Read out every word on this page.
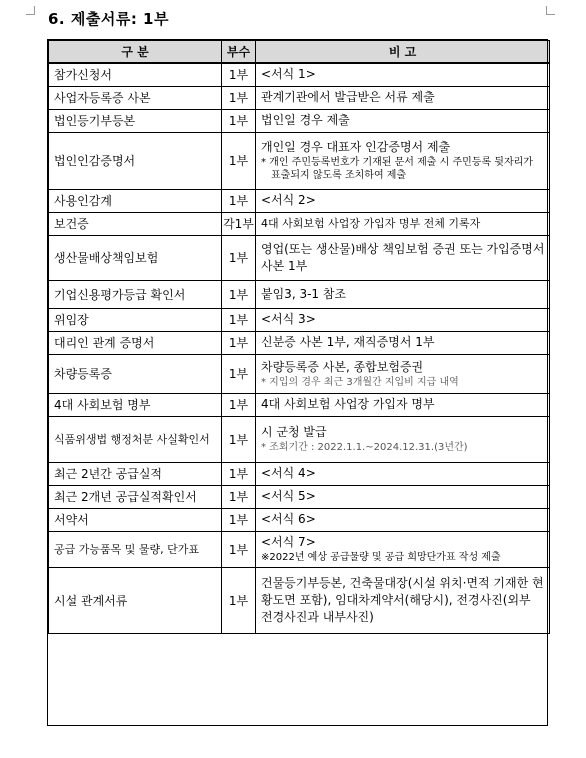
6. 제출서류: 1부
구 분	부수	비 고
참가신청서	1부	<서식 1>

사업자등록증 사본	1부	관계기관에서 발급받은 서류 제출

법인등기부등본	1부	법인일 경우 제출

법인인감증명서	1부	개인일 경우 대표자 인감증명서 제출
* 개인 주민등록번호가 기재된 문서 제출 시 주민등록 뒷자리가
표출되지 않도록 조치하여 제출

사용인감계	1부	<서식 2>

보건증	각1부	4대 사회보험 사업장 가입자 명부 전체 기록자

생산물배상책임보험	1부	영업(또는 생산물)배상 책임보험 증권 또는 가입증명서 사본 1부

기업신용평가등급 확인서	1부	붙임3, 3-1 참조

위임장	1부	<서식 3>

대리인 관계 증명서	1부	신분증 사본 1부, 재직증명서 1부

차량등록증	1부	차량등록증 사본, 종합보험증권
* 지입의 경우 최근 3개월간 지입비 지급 내역

4대 사회보험 명부	1부	4대 사회보험 사업장 가입자 명부

식품위생법 행정처분 사실확인서	1부	시 군청 발급
* 조회기간 : 2022.1.1.~2024.12.31.(3년간)

최근 2년간 공급실적	1부	<서식 4>

최근 2개년 공급실적확인서	1부	<서식 5>

서약서	1부	<서식 6>

공급 가능품목 및 물량, 단가표	1부	<서식 7>
※2022년 예상 공급물량 및 공급 희망단가표 작성 제출

시설 관계서류	1부	건물등기부등본, 건축물대장(시설 위치·면적 기재한 현황도면 포함), 임대차계약서(해당시), 전경사진(외부 전경사진과 내부사진)
